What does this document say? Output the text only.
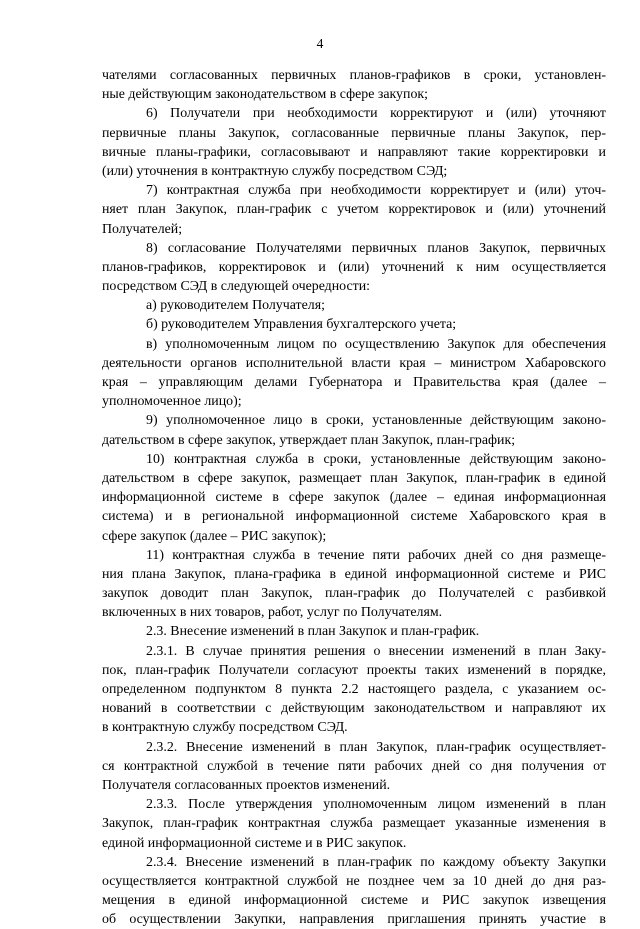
4
чателями согласованных первичных планов-графиков в сроки, установлен-
ные действующим законодательством в сфере закупок;
6) Получатели при необходимости корректируют и (или) уточняют
первичные планы Закупок, согласованные первичные планы Закупок, пер-
вичные планы-графики, согласовывают и направляют такие корректировки и
(или) уточнения в контрактную службу посредством СЭД;
7) контрактная служба при необходимости корректирует и (или) уточ-
няет план Закупок, план-график с учетом корректировок и (или) уточнений
Получателей;
8) согласование Получателями первичных планов Закупок, первичных
планов-графиков, корректировок и (или) уточнений к ним осуществляется
посредством СЭД в следующей очередности:
а) руководителем Получателя;
б) руководителем Управления бухгалтерского учета;
в) уполномоченным лицом по осуществлению Закупок для обеспечения
деятельности органов исполнительной власти края – министром Хабаровского
края – управляющим делами Губернатора и Правительства края (далее –
уполномоченное лицо);
9) уполномоченное лицо в сроки, установленные действующим законо-
дательством в сфере закупок, утверждает план Закупок, план-график;
10) контрактная служба в сроки, установленные действующим законо-
дательством в сфере закупок, размещает план Закупок, план-график в единой
информационной системе в сфере закупок (далее – единая информационная
система) и в региональной информационной системе Хабаровского края в
сфере закупок (далее – РИС закупок);
11) контрактная служба в течение пяти рабочих дней со дня размеще-
ния плана Закупок, плана-графика в единой информационной системе и РИС
закупок доводит план Закупок, план-график до Получателей с разбивкой
включенных в них товаров, работ, услуг по Получателям.
2.3. Внесение изменений в план Закупок и план-график.
2.3.1. В случае принятия решения о внесении изменений в план Заку-
пок, план-график Получатели согласуют проекты таких изменений в порядке,
определенном подпунктом 8 пункта 2.2 настоящего раздела, с указанием ос-
нований в соответствии с действующим законодательством и направляют их
в контрактную службу посредством СЭД.
2.3.2. Внесение изменений в план Закупок, план-график осуществляет-
ся контрактной службой в течение пяти рабочих дней со дня получения от
Получателя согласованных проектов изменений.
2.3.3. После утверждения уполномоченным лицом изменений в план
Закупок, план-график контрактная служба размещает указанные изменения в
единой информационной системе и в РИС закупок.
2.3.4. Внесение изменений в план-график по каждому объекту Закупки
осуществляется контрактной службой не позднее чем за 10 дней до дня раз-
мещения в единой информационной системе и РИС закупок извещения
об осуществлении Закупки, направления приглашения принять участие в
